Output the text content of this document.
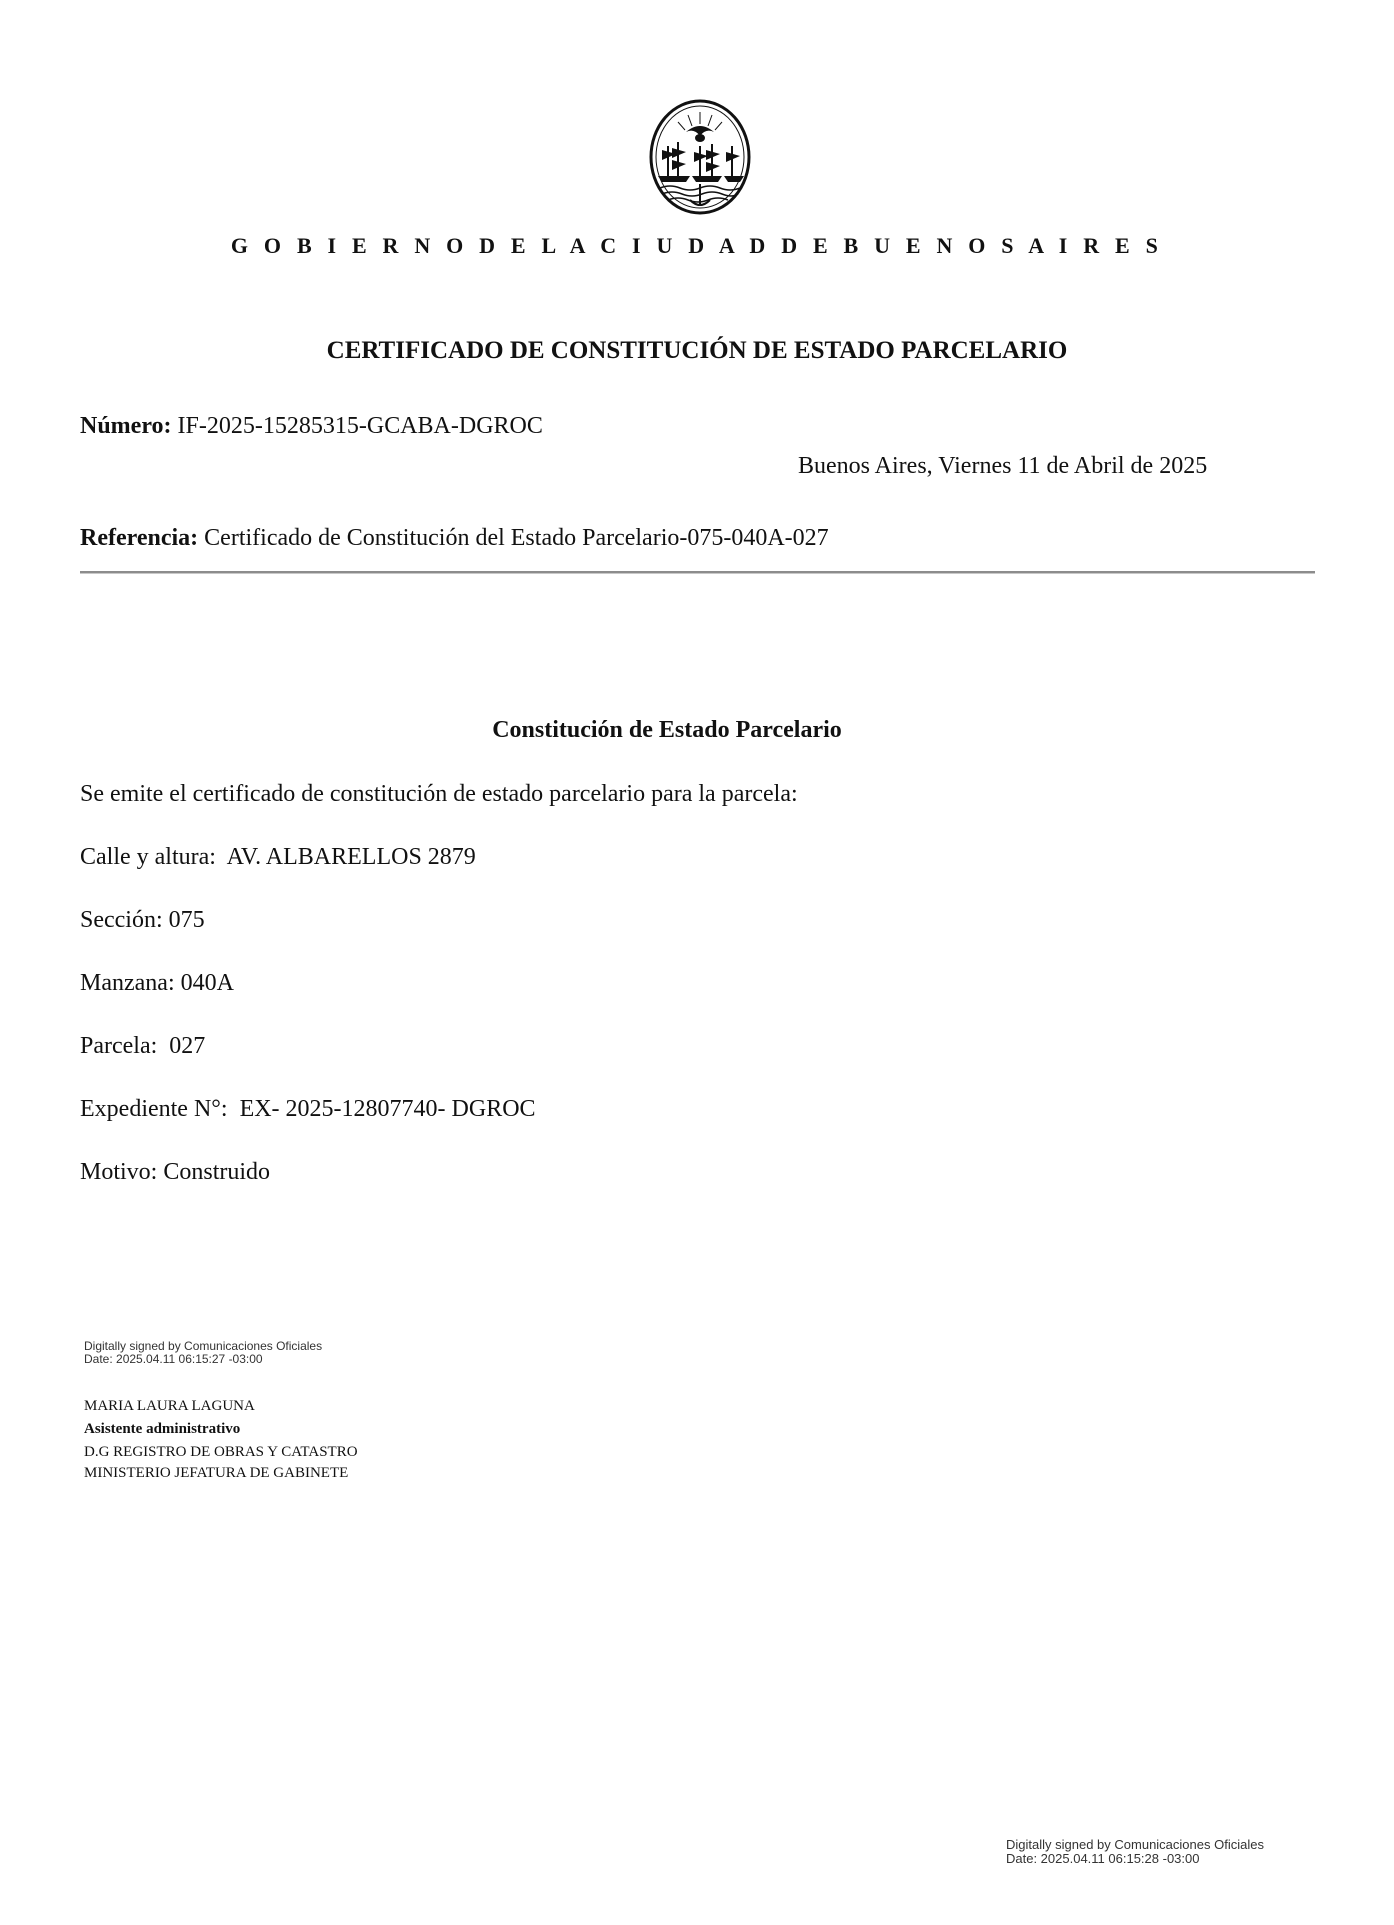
G O B I E R N O D E L A C I U D A D D E B U E N O S A I R E S
CERTIFICADO DE CONSTITUCIÓN DE ESTADO PARCELARIO
Número: IF-2025-15285315-GCABA-DGROC
Buenos Aires, Viernes 11 de Abril de 2025
Referencia: Certificado de Constitución del Estado Parcelario-075-040A-027
Constitución de Estado Parcelario
Se emite el certificado de constitución de estado parcelario para la parcela:
Calle y altura: AV. ALBARELLOS 2879
Sección: 075
Manzana: 040A
Parcela: 027
Expediente N°: EX- 2025-12807740- DGROC
Motivo: Construido
Digitally signed by Comunicaciones Oficiales
Date: 2025.04.11 06:15:27 -03:00
MARIA LAURA LAGUNA
Asistente administrativo
D.G REGISTRO DE OBRAS Y CATASTRO
MINISTERIO JEFATURA DE GABINETE
Digitally signed by Comunicaciones Oficiales
Date: 2025.04.11 06:15:28 -03:00
